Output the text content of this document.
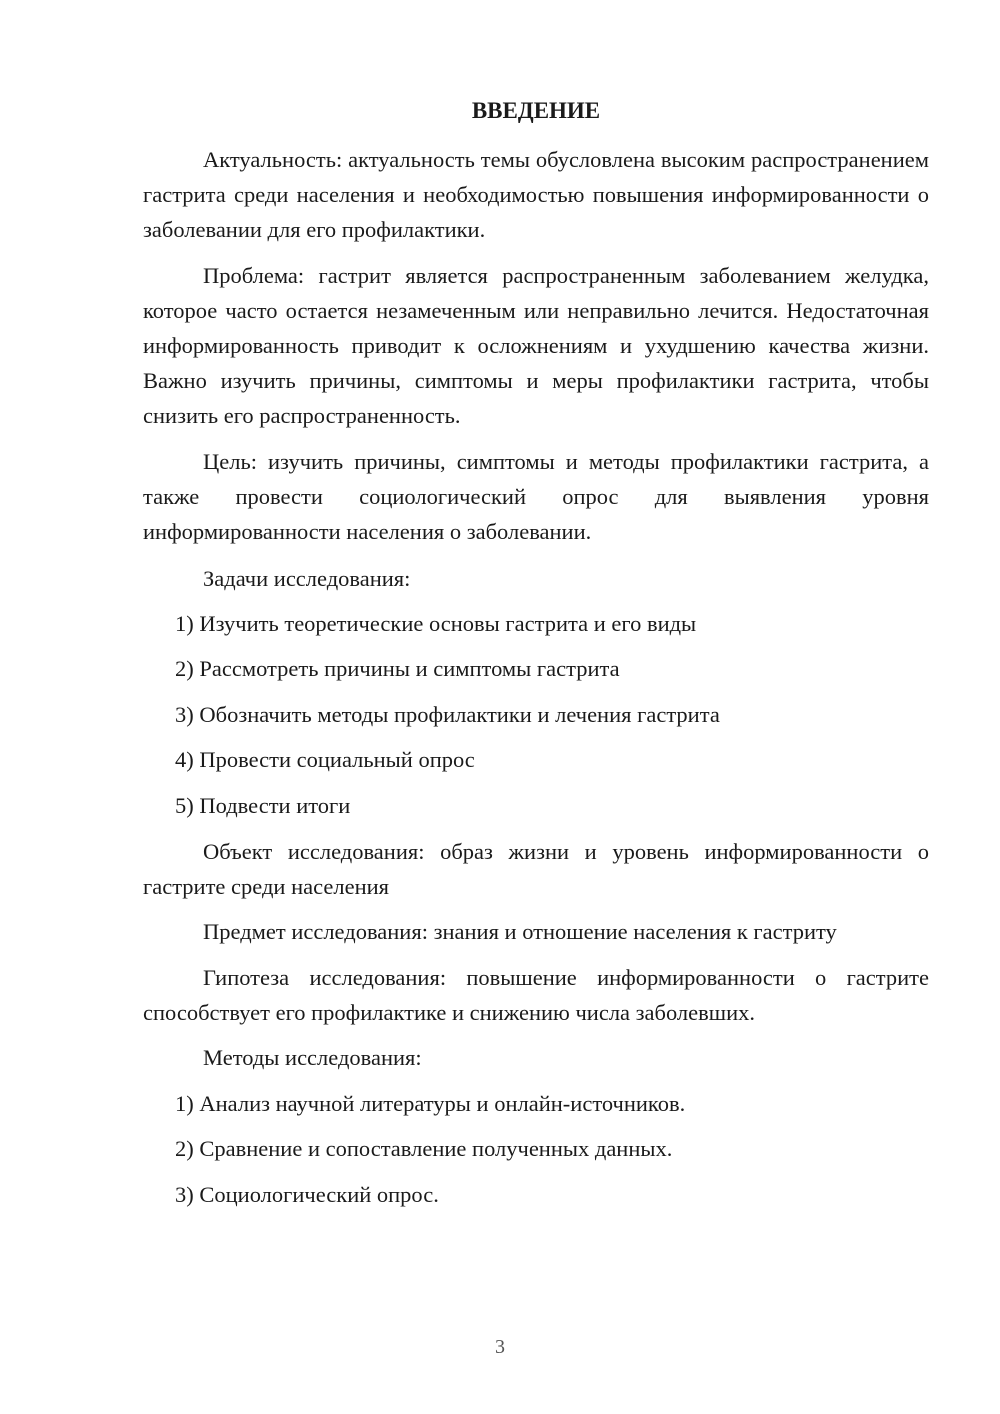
ВВЕДЕНИЕ

Актуальность: актуальность темы обусловлена высоким распространением гастрита среди населения и необходимостью повышения информированности о заболевании для его профилактики.

Проблема: гастрит является распространенным заболеванием желудка, которое часто остается незамеченным или неправильно лечится. Недостаточная информированность приводит к осложнениям и ухудшению качества жизни. Важно изучить причины, симптомы и меры профилактики гастрита, чтобы снизить его распространенность.

Цель: изучить причины, симптомы и методы профилактики гастрита, а также провести социологический опрос для выявления уровня информированности населения о заболевании.

Задачи исследования:

1) Изучить теоретические основы гастрита и его виды

2) Рассмотреть причины и симптомы гастрита

3) Обозначить методы профилактики и лечения гастрита

4) Провести социальный опрос

5) Подвести итоги

Объект исследования: образ жизни и уровень информированности о гастрите среди населения

Предмет исследования: знания и отношение населения к гастриту

Гипотеза исследования: повышение информированности о гастрите способствует его профилактике и снижению числа заболевших.

Методы исследования:

1) Анализ научной литературы и онлайн-источников.

2) Сравнение и сопоставление полученных данных.

3) Социологический опрос.

3
